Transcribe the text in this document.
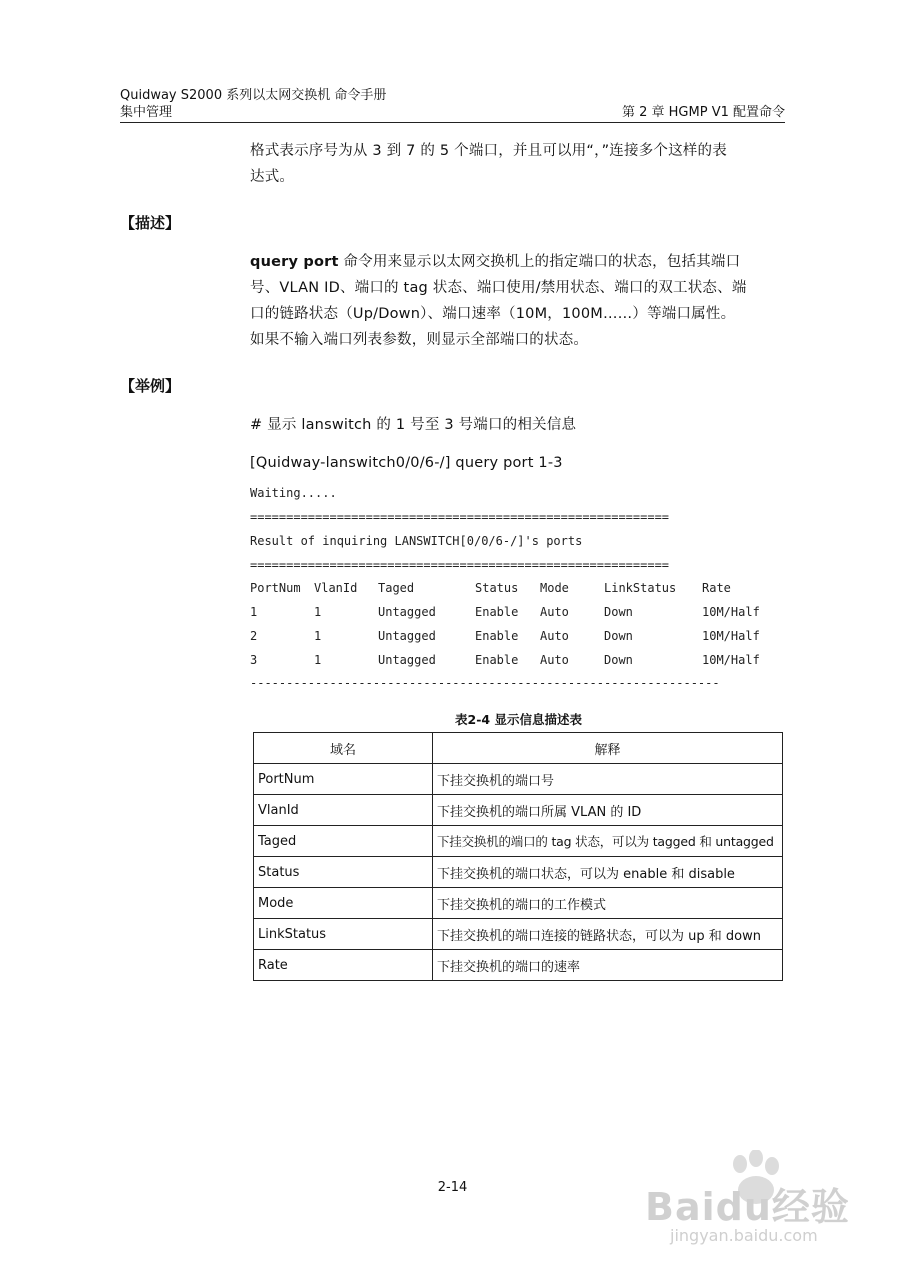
Quidway S2000 系列以太网交换机 命令手册
集中管理	第 2 章 HGMP V1 配置命令
格式表示序号为从 3 到 7 的 5 个端口，并且可以用“，”连接多个这样的表
达式。
【描述】
query port 命令用来显示以太网交换机上的指定端口的状态，包括其端口
号、VLAN ID、端口的 tag 状态、端口使用/禁用状态、端口的双工状态、端
口的链路状态（Up/Down）、端口速率（10M，100M……）等端口属性。
如果不输入端口列表参数，则显示全部端口的状态。
【举例】
# 显示 lanswitch 的 1 号至 3 号端口的相关信息
[Quidway-lanswitch0/0/6-/] query port 1-3
Waiting.....
==========================================================
Result of inquiring LANSWITCH[0/0/6-/]'s ports
==========================================================
PortNum VlanId Taged	Status Mode	LinkStatus Rate
1	1	Untagged	Enable Auto	Down	10M/Half
2	1	Untagged	Enable Auto	Down	10M/Half
3	1	Untagged	Enable Auto	Down	10M/Half
-----------------------------------------------------------------
表2-4 显示信息描述表
域名	解释
PortNum	下挂交换机的端口号
VlanId	下挂交换机的端口所属 VLAN 的 ID
Taged	下挂交换机的端口的 tag 状态，可以为 tagged 和 untagged
Status	下挂交换机的端口状态，可以为 enable 和 disable
Mode	下挂交换机的端口的工作模式
LinkStatus	下挂交换机的端口连接的链路状态，可以为 up 和 down
Rate	下挂交换机的端口的速率
2-14	Baidu经验
jingyan.baidu.com
